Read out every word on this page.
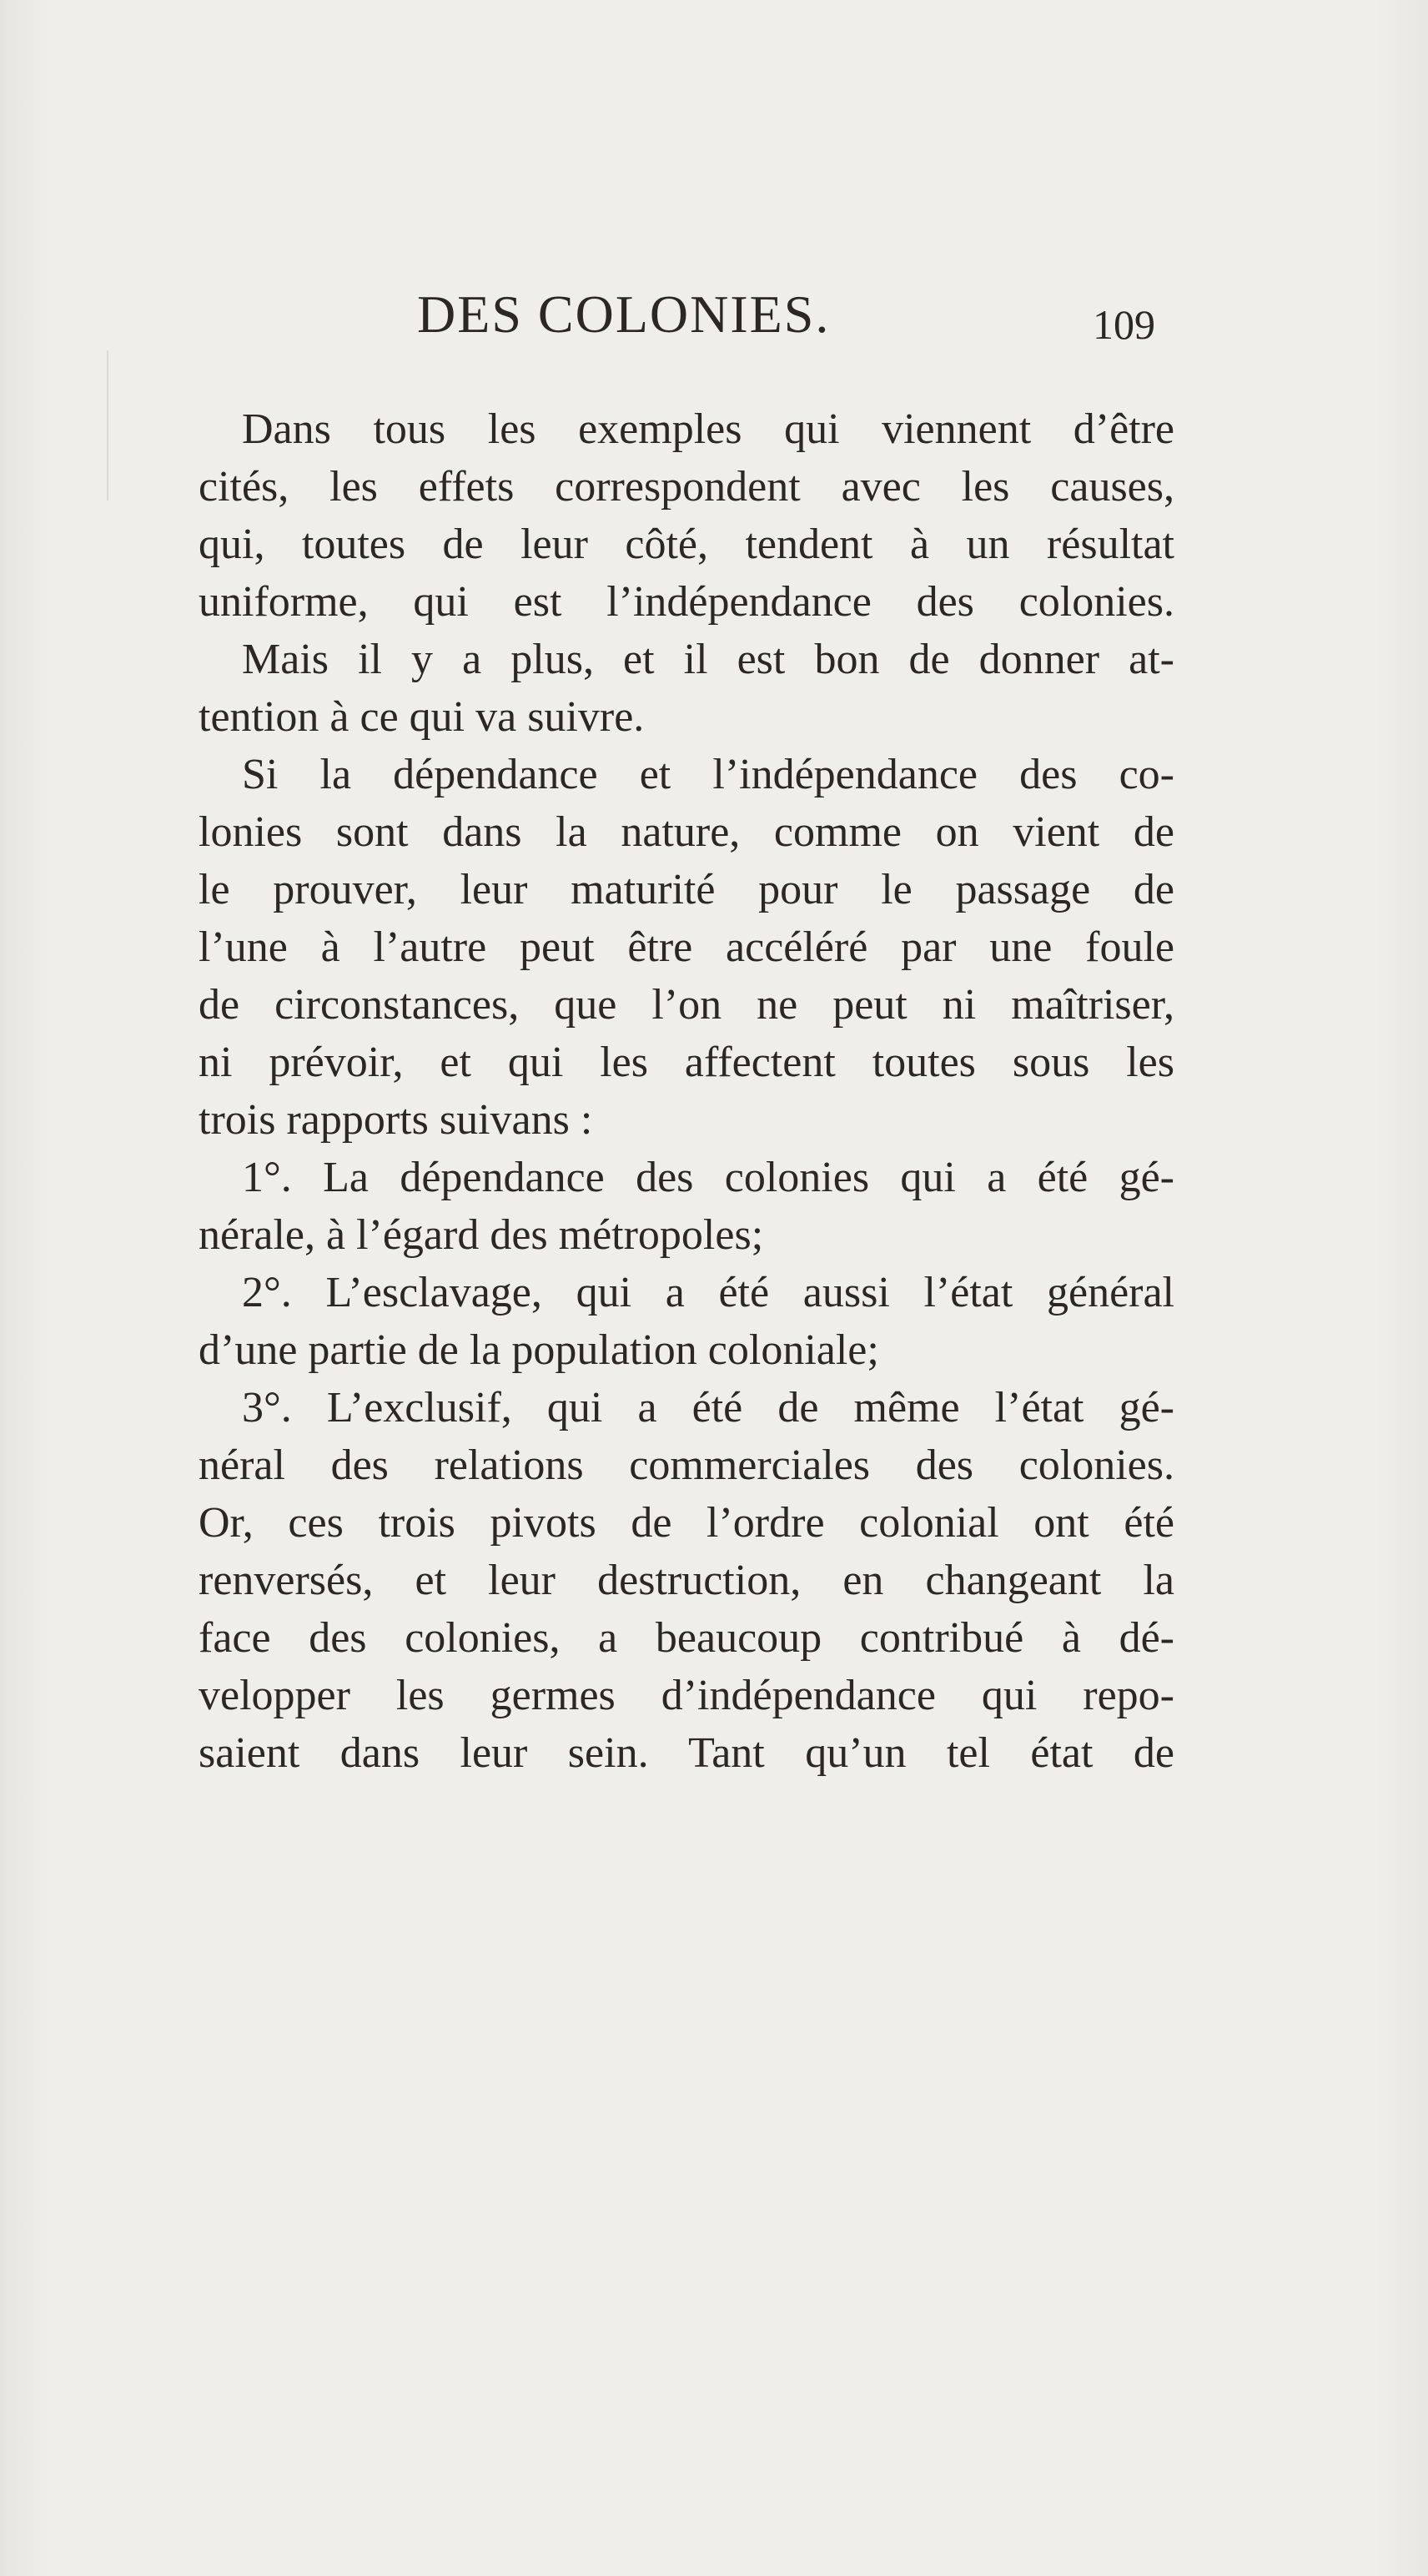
DES COLONIES.	109
Dans tous les exemples qui viennent d’être
cités, les effets correspondent avec les causes,
qui, toutes de leur côté, tendent à un résultat
uniforme, qui est l’indépendance des colonies.
Mais il y a plus, et il est bon de donner at-
tention à ce qui va suivre.
Si la dépendance et l’indépendance des co-
lonies sont dans la nature, comme on vient de
le prouver, leur maturité pour le passage de
l’une à l’autre peut être accéléré par une foule
de circonstances, que l’on ne peut ni maîtriser,
ni prévoir, et qui les affectent toutes sous les
trois rapports suivans :
1°. La dépendance des colonies qui a été gé-
nérale, à l’égard des métropoles;
2°. L’esclavage, qui a été aussi l’état général
d’une partie de la population coloniale;
3°. L’exclusif, qui a été de même l’état gé-
néral des relations commerciales des colonies.
Or, ces trois pivots de l’ordre colonial ont été
renversés, et leur destruction, en changeant la
face des colonies, a beaucoup contribué à dé-
velopper les germes d’indépendance qui repo-
saient dans leur sein. Tant qu’un tel état de
